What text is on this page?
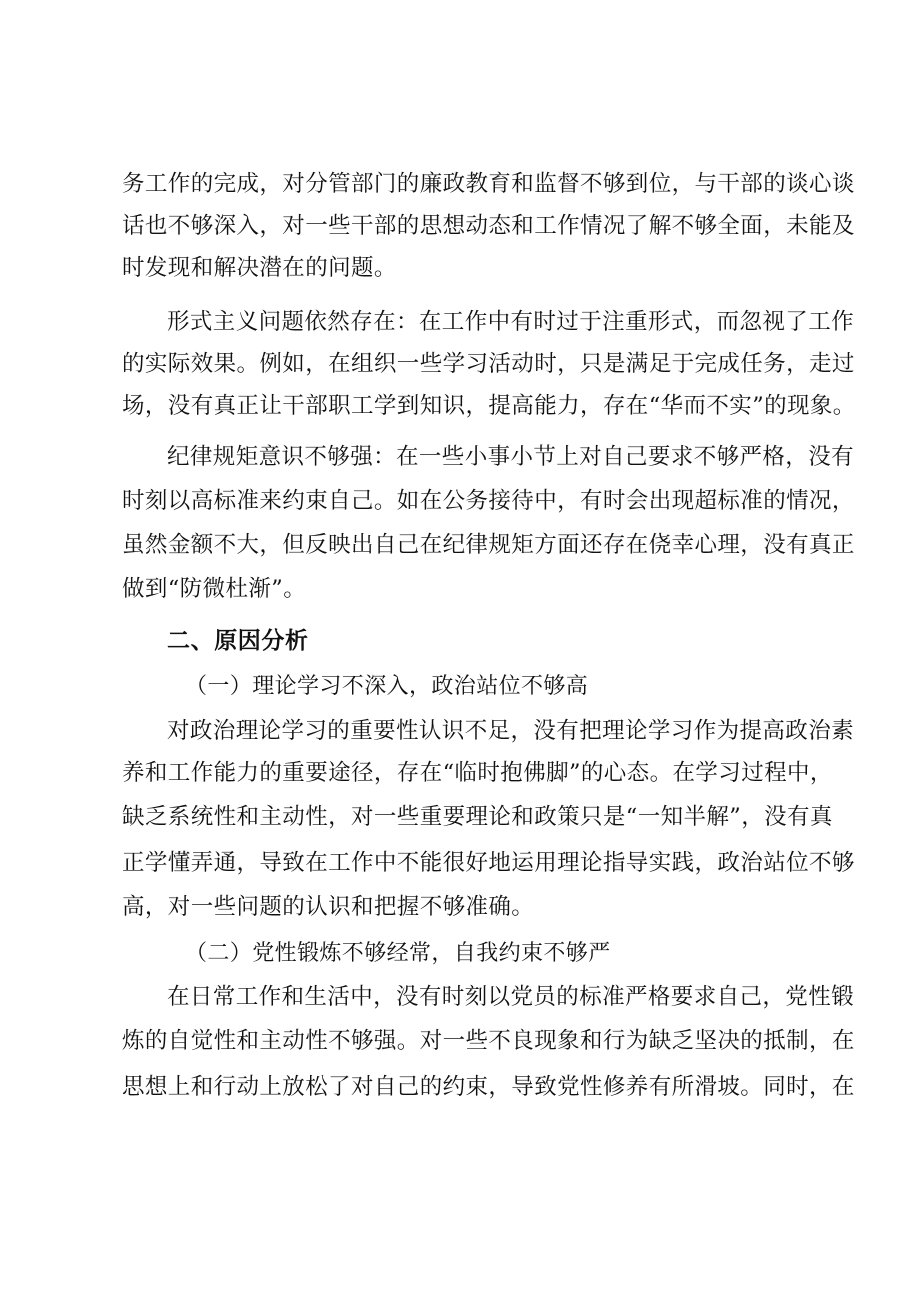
务工作的完成，对分管部门的廉政教育和监督不够到位，与干部的谈心谈
话也不够深入，对一些干部的思想动态和工作情况了解不够全面，未能及
时发现和解决潜在的问题。
形式主义问题依然存在：在工作中有时过于注重形式，而忽视了工作
的实际效果。例如，在组织一些学习活动时，只是满足于完成任务，走过
场，没有真正让干部职工学到知识，提高能力，存在“华而不实”的现象。
纪律规矩意识不够强：在一些小事小节上对自己要求不够严格，没有
时刻以高标准来约束自己。如在公务接待中，有时会出现超标准的情况，
虽然金额不大，但反映出自己在纪律规矩方面还存在侥幸心理，没有真正
做到“防微杜渐”。
二、原因分析
（一）理论学习不深入，政治站位不够高
对政治理论学习的重要性认识不足，没有把理论学习作为提高政治素
养和工作能力的重要途径，存在“临时抱佛脚”的心态。在学习过程中，
缺乏系统性和主动性，对一些重要理论和政策只是“一知半解”，没有真
正学懂弄通，导致在工作中不能很好地运用理论指导实践，政治站位不够
高，对一些问题的认识和把握不够准确。
（二）党性锻炼不够经常，自我约束不够严
在日常工作和生活中，没有时刻以党员的标准严格要求自己，党性锻
炼的自觉性和主动性不够强。对一些不良现象和行为缺乏坚决的抵制，在
思想上和行动上放松了对自己的约束，导致党性修养有所滑坡。同时，在
